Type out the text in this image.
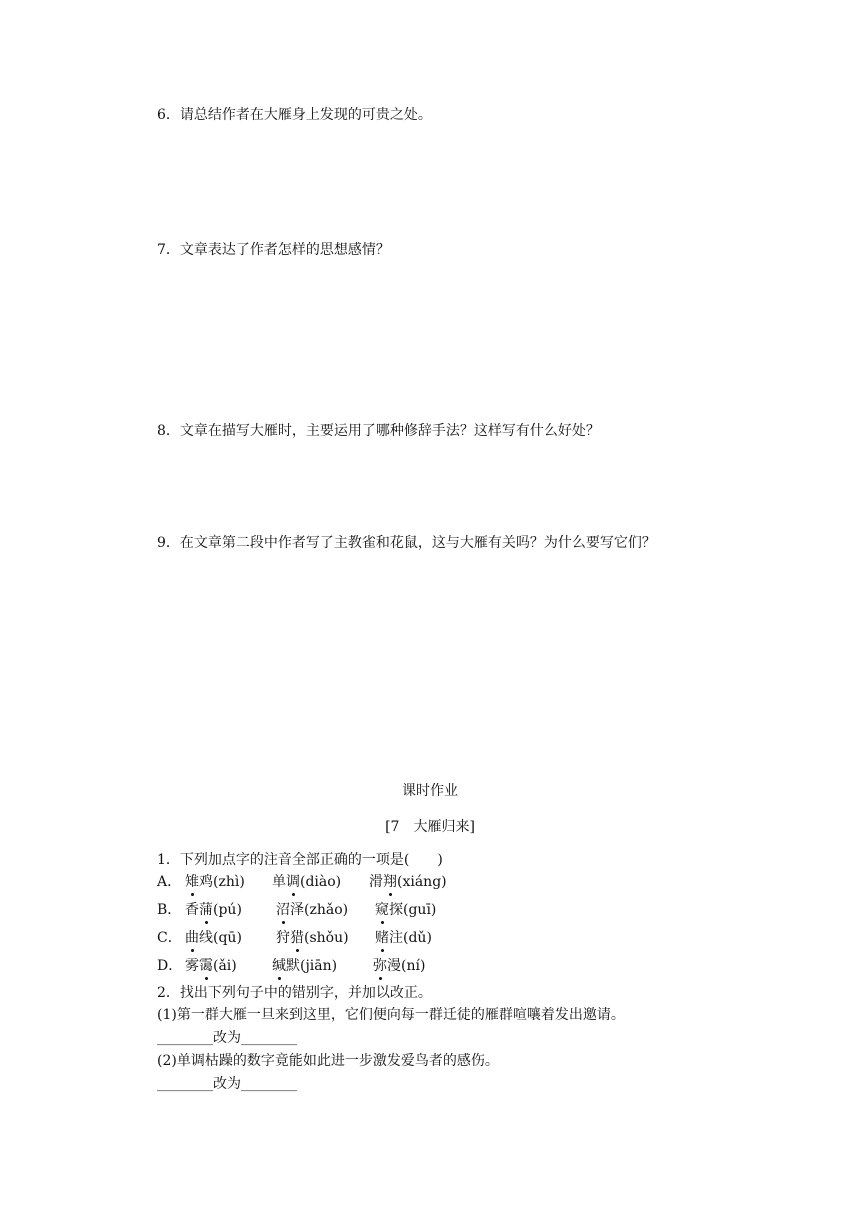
6．请总结作者在大雁身上发现的可贵之处。
7．文章表达了作者怎样的思想感情？
8．文章在描写大雁时，主要运用了哪种修辞手法？这样写有什么好处？
9．在文章第二段中作者写了主教雀和花鼠，这与大雁有关吗？为什么要写它们？
课时作业
[7　大雁归来]
1．下列加点字的注音全部正确的一项是(　　)
A． 雉鸡(zhì) 单调(diào) 滑翔(xiáng)
B． 香蒲(pú) 沼泽(zhǎo) 窥探(guī)
C． 曲线(qū) 狩猎(shǒu) 赌注(dǔ)
D． 雾霭(ǎi)	缄默(jiān)	弥漫(ní)
2．找出下列句子中的错别字，并加以改正。
(1)第一群大雁一旦来到这里，它们便向每一群迁徒的雁群喧嚷着发出邀请。
________改为________
(2)单调枯躁的数字竟能如此进一步激发爱鸟者的感伤。
________改为________
